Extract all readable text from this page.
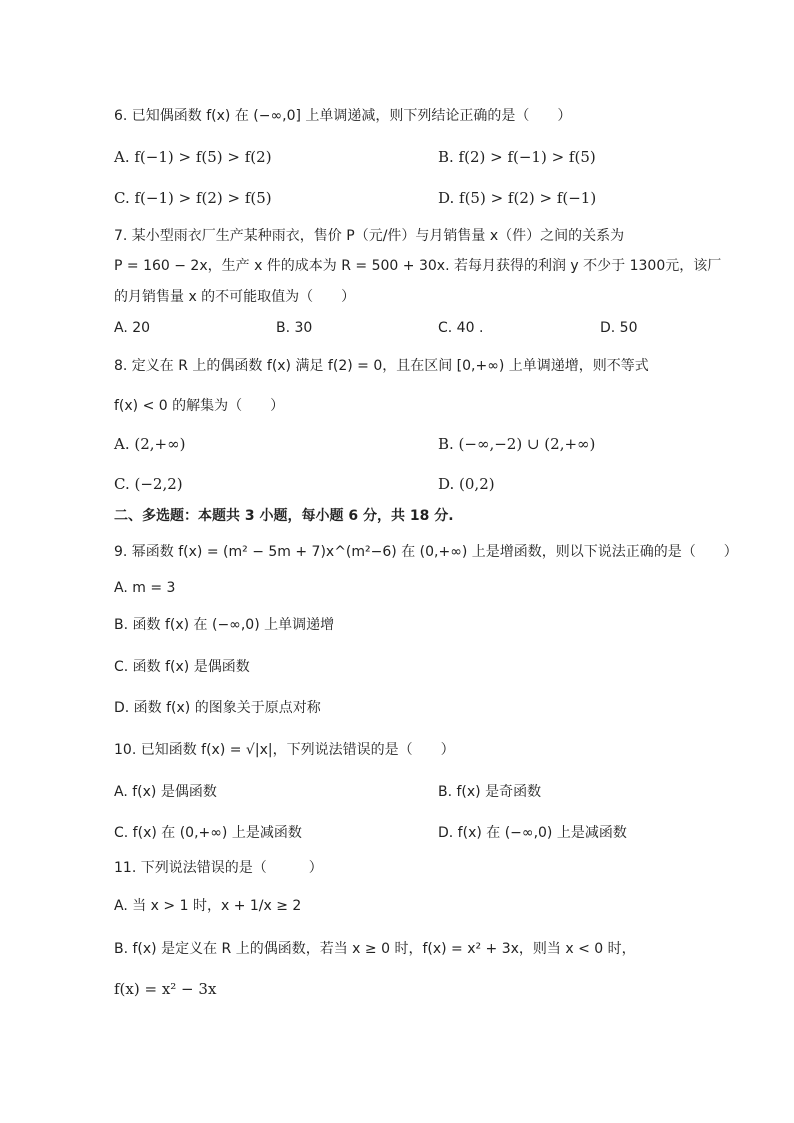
6. 已知偶函数 f(x) 在 (−∞,0] 上单调递减，则下列结论正确的是（　　）
A. f(−1) > f(5) > f(2)	B. f(2) > f(−1) > f(5)
C. f(−1) > f(2) > f(5)	D. f(5) > f(2) > f(−1)
7. 某小型雨衣厂生产某种雨衣，售价 P（元/件）与月销售量 x（件）之间的关系为
P = 160 − 2x，生产 x 件的成本为 R = 500 + 30x. 若每月获得的利润 y 不少于 1300元，该厂
的月销售量 x 的不可能取值为（　　）
A. 20	B. 30	C. 40 .	D. 50
8. 定义在 R 上的偶函数 f(x) 满足 f(2) = 0，且在区间 [0,+∞) 上单调递增，则不等式
f(x) < 0 的解集为（　　）
A. (2,+∞)	B. (−∞,−2) ∪ (2,+∞)
C. (−2,2)	D. (0,2)
二、多选题：本题共 3 小题，每小题 6 分，共 18 分.
9. 幂函数 f(x) = (m² − 5m + 7)x^(m²−6) 在 (0,+∞) 上是增函数，则以下说法正确的是（　　）
A. m = 3
B. 函数 f(x) 在 (−∞,0) 上单调递增
C. 函数 f(x) 是偶函数
D. 函数 f(x) 的图象关于原点对称
10. 已知函数 f(x) = √|x|，下列说法错误的是（　　）
A. f(x) 是偶函数	B. f(x) 是奇函数
C. f(x) 在 (0,+∞) 上是减函数	D. f(x) 在 (−∞,0) 上是减函数
11. 下列说法错误的是（　　　）
A. 当 x > 1 时，x + 1/x ≥ 2
B. f(x) 是定义在 R 上的偶函数，若当 x ≥ 0 时，f(x) = x² + 3x，则当 x < 0 时，
f(x) = x² − 3x
